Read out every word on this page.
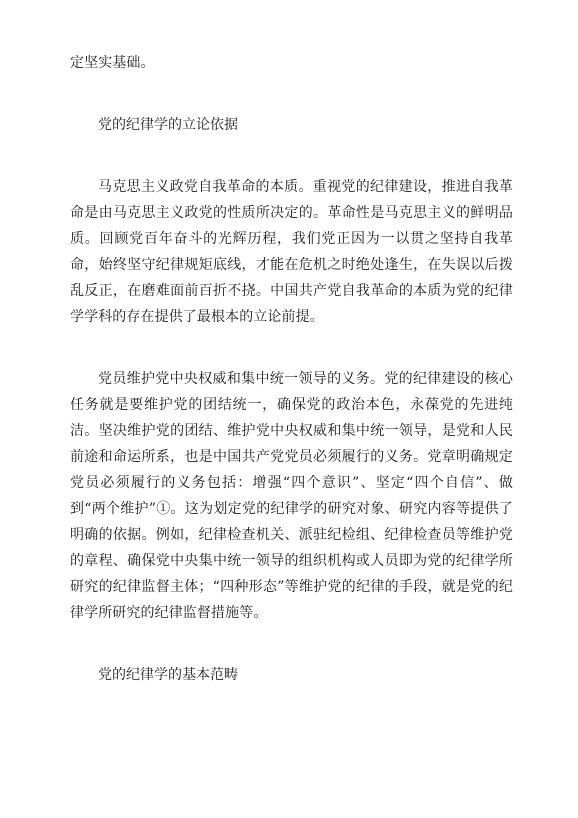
定坚实基础。

党的纪律学的立论依据

马克思主义政党自我革命的本质。重视党的纪律建设，推进自我革命是由马克思主义政党的性质所决定的。革命性是马克思主义的鲜明品质。回顾党百年奋斗的光辉历程，我们党正因为一以贯之坚持自我革命，始终坚守纪律规矩底线，才能在危机之时绝处逢生，在失误以后拨乱反正，在磨难面前百折不挠。中国共产党自我革命的本质为党的纪律学学科的存在提供了最根本的立论前提。

党员维护党中央权威和集中统一领导的义务。党的纪律建设的核心任务就是要维护党的团结统一，确保党的政治本色，永葆党的先进纯洁。坚决维护党的团结、维护党中央权威和集中统一领导，是党和人民前途和命运所系，也是中国共产党党员必须履行的义务。党章明确规定党员必须履行的义务包括：增强“四个意识”、坚定“四个自信”、做到“两个维护”①。这为划定党的纪律学的研究对象、研究内容等提供了明确的依据。例如，纪律检查机关、派驻纪检组、纪律检查员等维护党的章程、确保党中央集中统一领导的组织机构或人员即为党的纪律学所研究的纪律监督主体；“四种形态”等维护党的纪律的手段，就是党的纪律学所研究的纪律监督措施等。

党的纪律学的基本范畴
